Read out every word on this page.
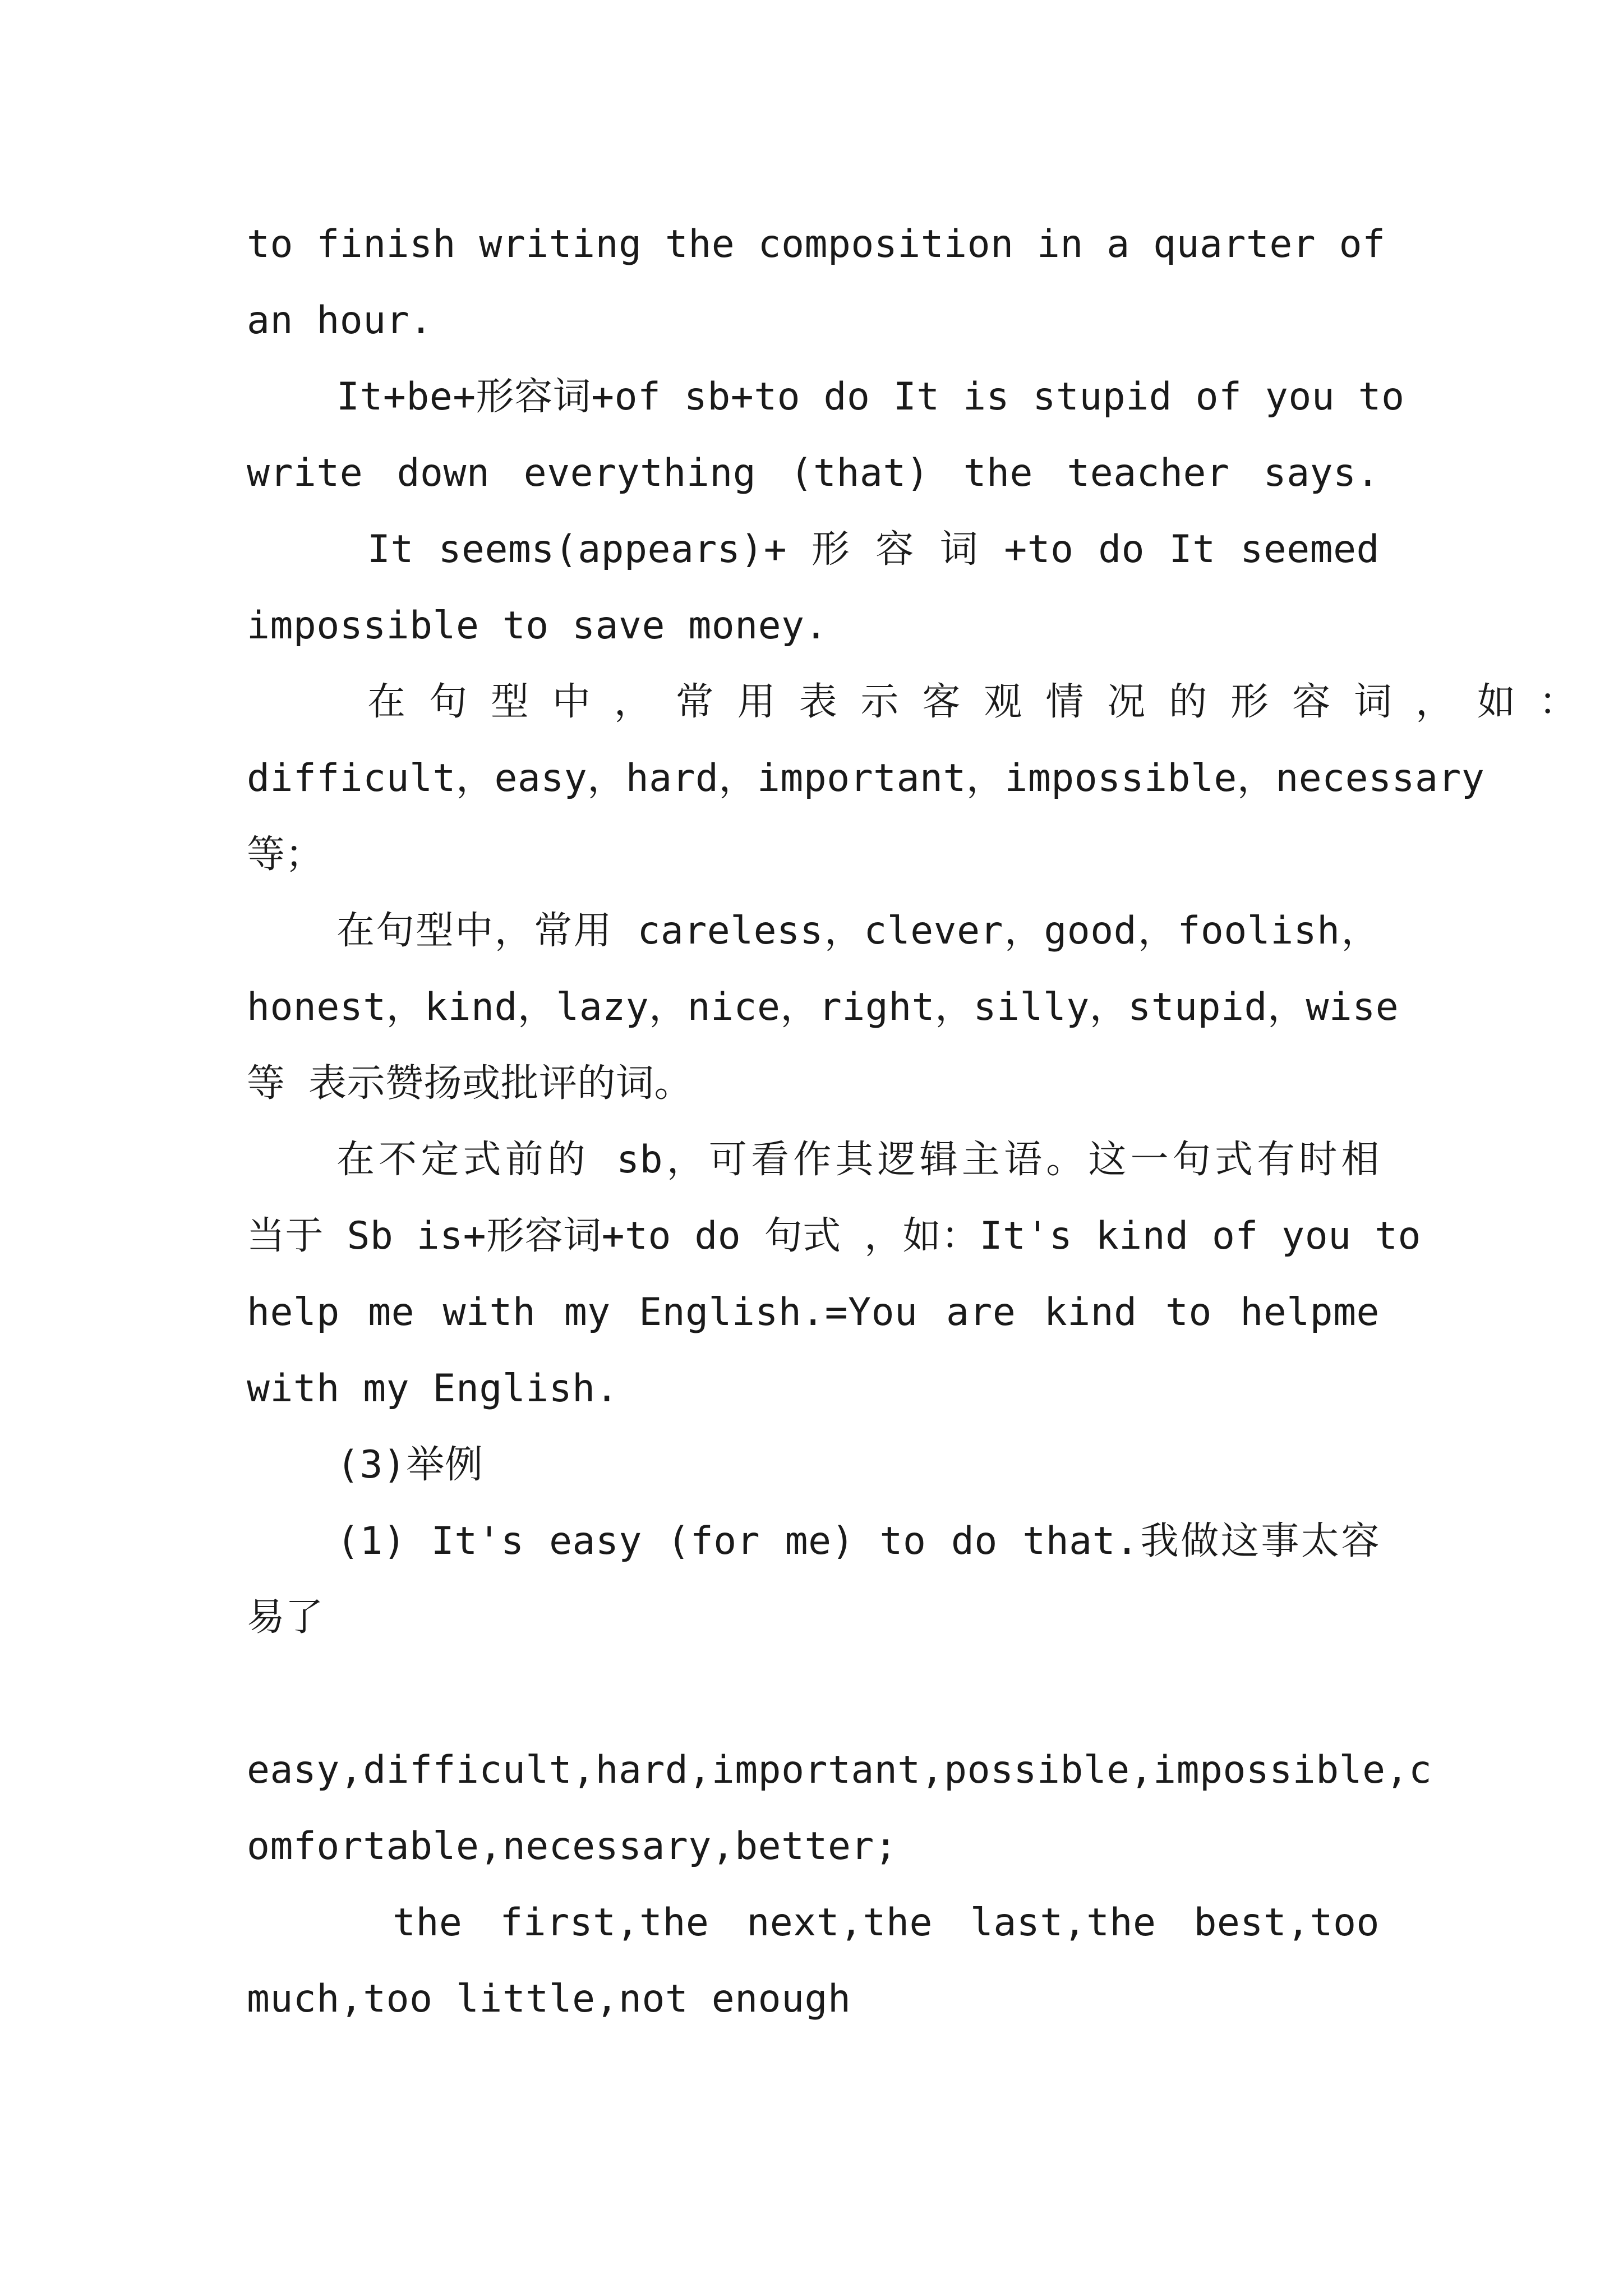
to finish writing the composition in a quarter of
an hour.
It+be+形容词+of sb+to do It is stupid of you to
write down everything (that) the teacher says.
It seems(appears)+ 形 容 词 +to do It seemed
impossible to save money.
在 句 型 中 ， 常 用 表 示 客 观 情 况 的 形 容 词 ， 如 ：
difficult，easy，hard，important，impossible，necessary
等；
在句型中，常用 careless，clever，good，foolish，
honest，kind，lazy，nice，right，silly，stupid，wise
等 表示赞扬或批评的词。
在不定式前的 sb，可看作其逻辑主语。这一句式有时相
当于 Sb is+形容词+to do 句式 ，如：It's kind of you to
help me with my English.=You are kind to helpme
with my English.
(3)举例
(1) It's easy (for me) to do that.我做这事太容
易了
easy,difficult,hard,important,possible,impossible,c
omfortable,necessary,better;
the first,the next,the last,the best,too
much,too little,not enough
